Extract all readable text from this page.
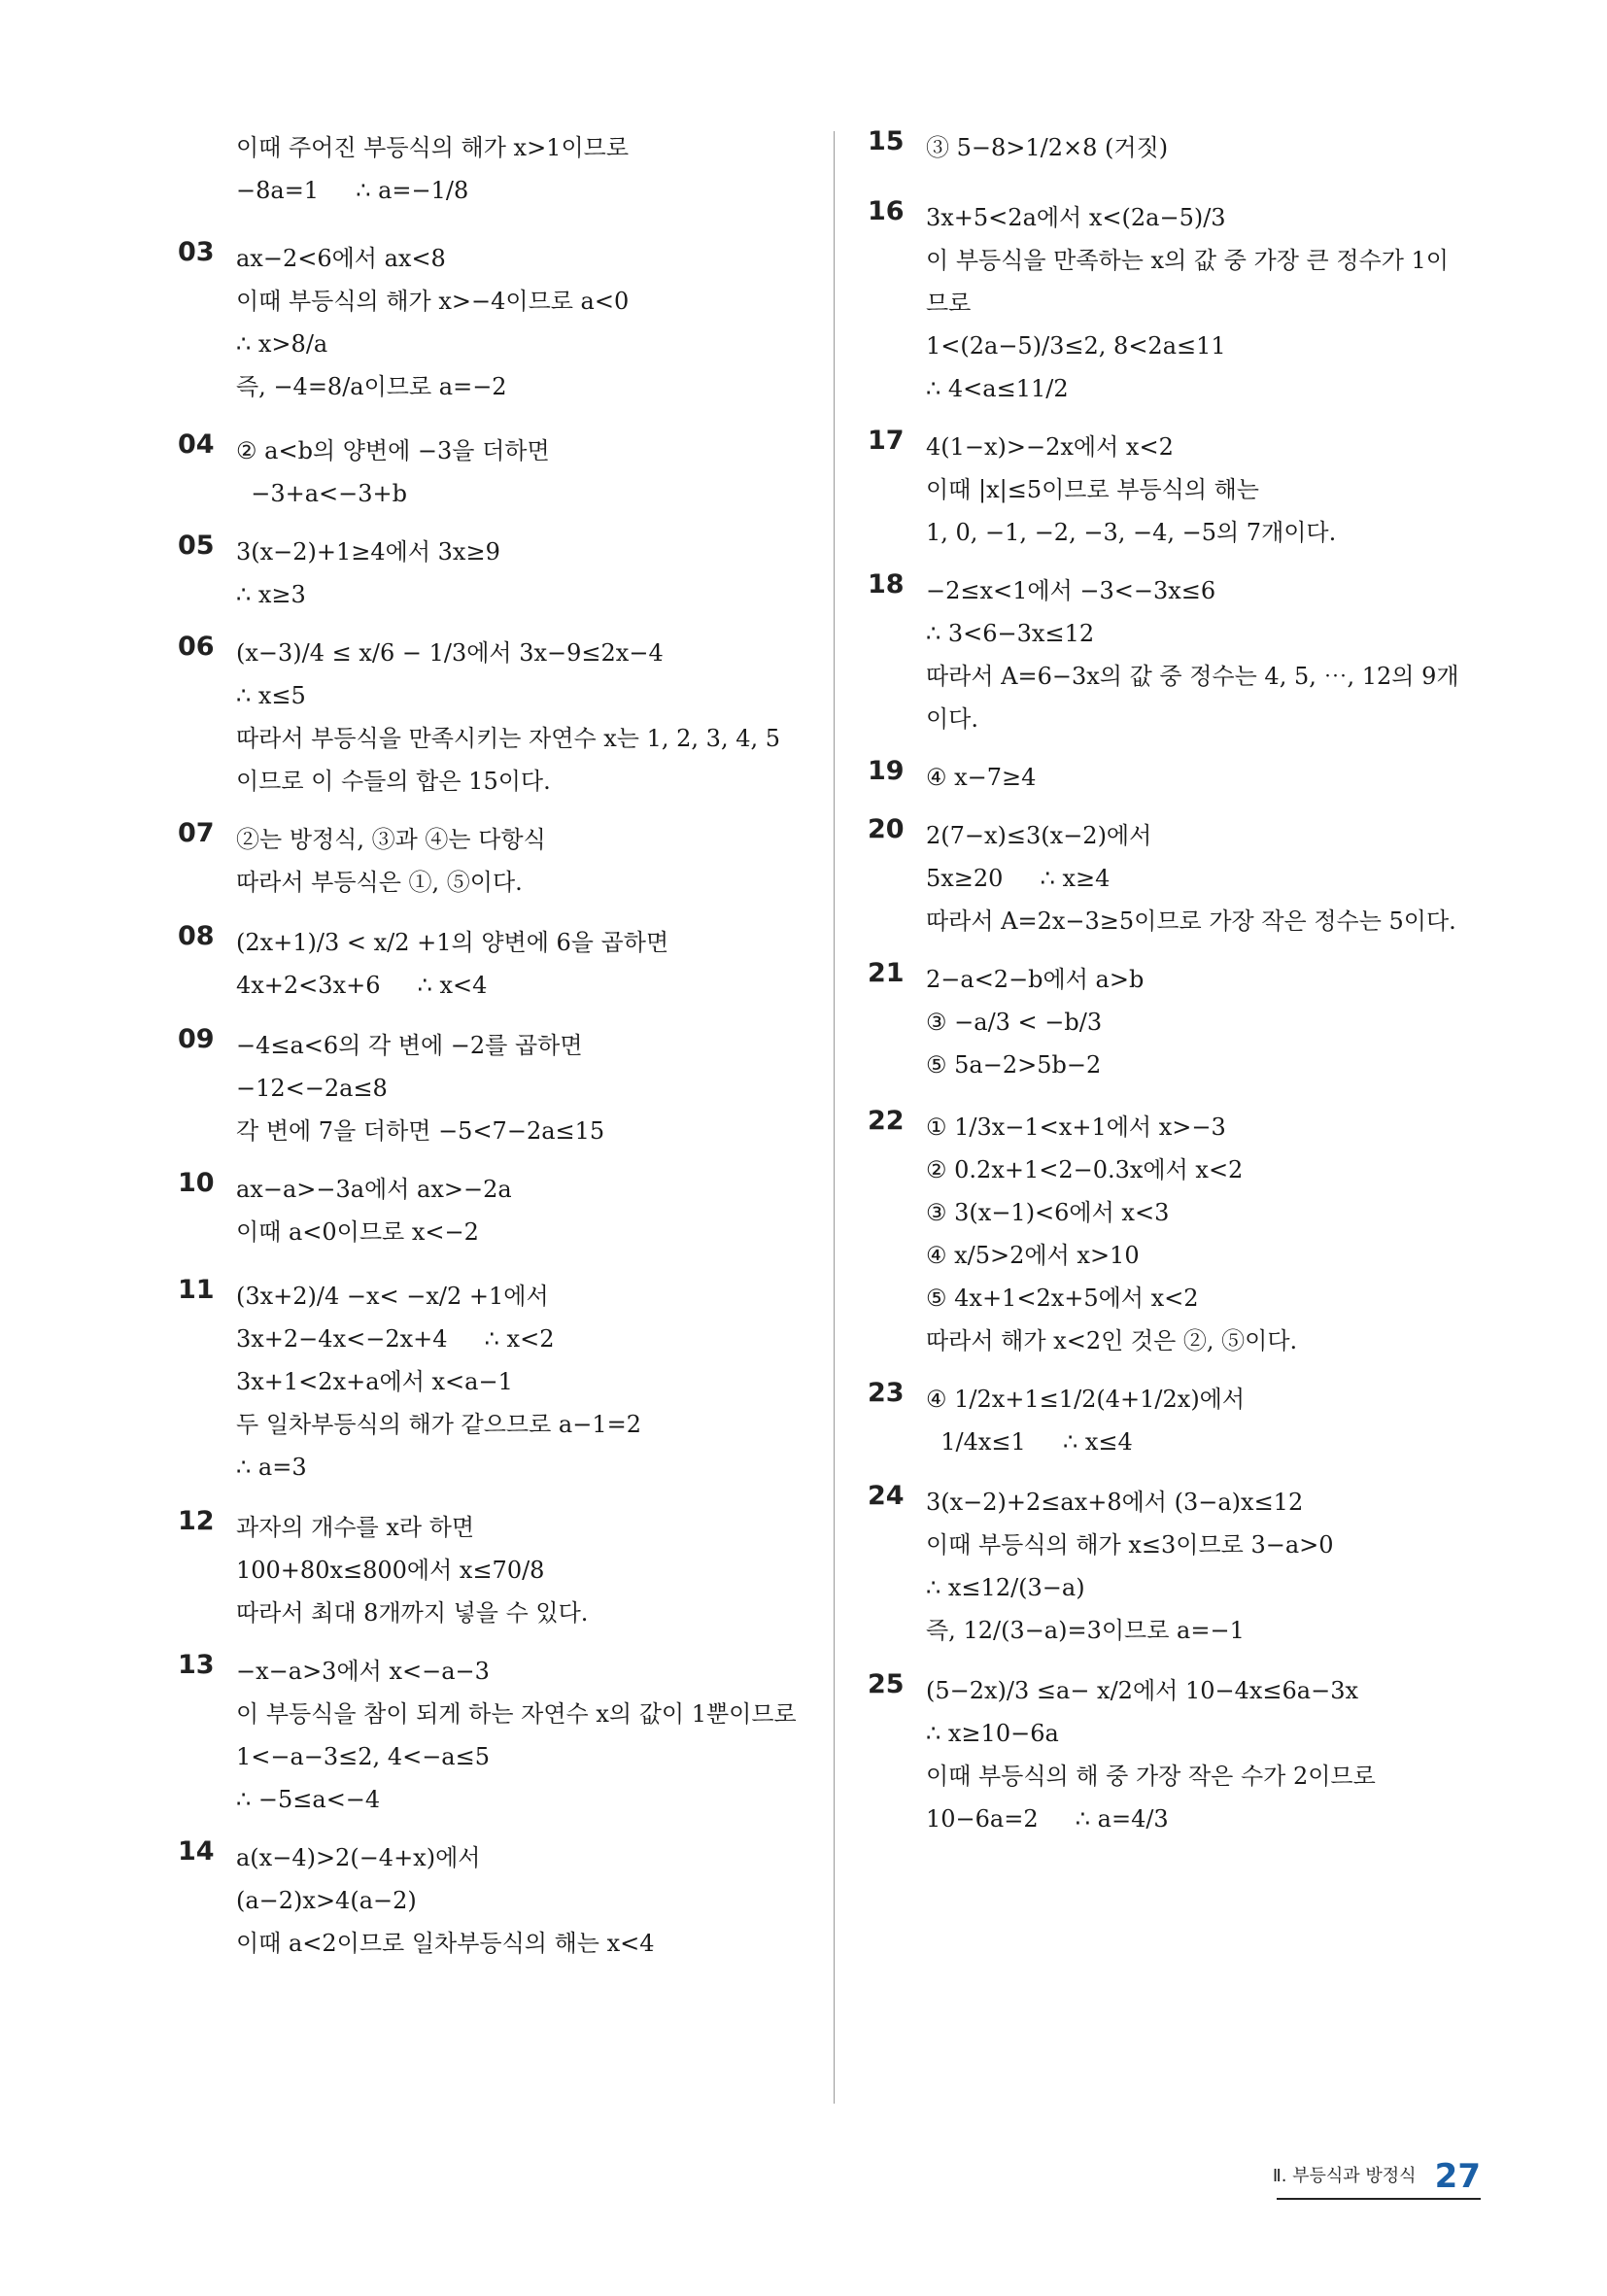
이때 주어진 부등식의 해가 x>1이므로
−8a=1     ∴ a=−1/8
03 ax−2<6에서 ax<8
이때 부등식의 해가 x>−4이므로 a<0
∴ x>8/a
즉, −4=8/a이므로 a=−2
04 ② a<b의 양변에 −3을 더하면
−3+a<−3+b
05 3(x−2)+1≥4에서 3x≥9
∴ x≥3
06 (x−3)/4 ≤ x/6 − 1/3에서 3x−9≤2x−4
∴ x≤5
따라서 부등식을 만족시키는 자연수 x는 1, 2, 3, 4, 5
이므로 이 수들의 합은 15이다.
07 ②는 방정식, ③과 ④는 다항식
따라서 부등식은 ①, ⑤이다.
08 (2x+1)/3 < x/2 +1의 양변에 6을 곱하면
4x+2<3x+6     ∴ x<4
09 −4≤a<6의 각 변에 −2를 곱하면
−12<−2a≤8
각 변에 7을 더하면 −5<7−2a≤15
10 ax−a>−3a에서 ax>−2a
이때 a<0이므로 x<−2
11 (3x+2)/4 −x< −x/2 +1에서
3x+2−4x<−2x+4     ∴ x<2
3x+1<2x+a에서 x<a−1
두 일차부등식의 해가 같으므로 a−1=2
∴ a=3
12 과자의 개수를 x라 하면
100+80x≤800에서 x≤70/8
따라서 최대 8개까지 넣을 수 있다.
13 −x−a>3에서 x<−a−3
이 부등식을 참이 되게 하는 자연수 x의 값이 1뿐이므로
1<−a−3≤2, 4<−a≤5
∴ −5≤a<−4
14 a(x−4)>2(−4+x)에서
(a−2)x>4(a−2)
이때 a<2이므로 일차부등식의 해는 x<4
15 ③ 5−8>1/2×8 (거짓)
16 3x+5<2a에서 x<(2a−5)/3
이 부등식을 만족하는 x의 값 중 가장 큰 정수가 1이
므로
1<(2a−5)/3≤2, 8<2a≤11
∴ 4<a≤11/2
17 4(1−x)>−2x에서 x<2
이때 |x|≤5이므로 부등식의 해는
1, 0, −1, −2, −3, −4, −5의 7개이다.
18 −2≤x<1에서 −3<−3x≤6
∴ 3<6−3x≤12
따라서 A=6−3x의 값 중 정수는 4, 5, ⋯, 12의 9개
이다.
19 ④ x−7≥4
20 2(7−x)≤3(x−2)에서
5x≥20     ∴ x≥4
따라서 A=2x−3≥5이므로 가장 작은 정수는 5이다.
21 2−a<2−b에서 a>b
③ −a/3 < −b/3
⑤ 5a−2>5b−2
22 ① 1/3x−1<x+1에서 x>−3
② 0.2x+1<2−0.3x에서 x<2
③ 3(x−1)<6에서 x<3
④ x/5>2에서 x>10
⑤ 4x+1<2x+5에서 x<2
따라서 해가 x<2인 것은 ②, ⑤이다.
23 ④ 1/2x+1≤1/2(4+1/2x)에서
1/4x≤1     ∴ x≤4
24 3(x−2)+2≤ax+8에서 (3−a)x≤12
이때 부등식의 해가 x≤3이므로 3−a>0
∴ x≤12/(3−a)
즉, 12/(3−a)=3이므로 a=−1
25 (5−2x)/3 ≤a− x/2에서 10−4x≤6a−3x
∴ x≥10−6a
이때 부등식의 해 중 가장 작은 수가 2이므로
10−6a=2     ∴ a=4/3
Ⅱ. 부등식과 방정식 27
